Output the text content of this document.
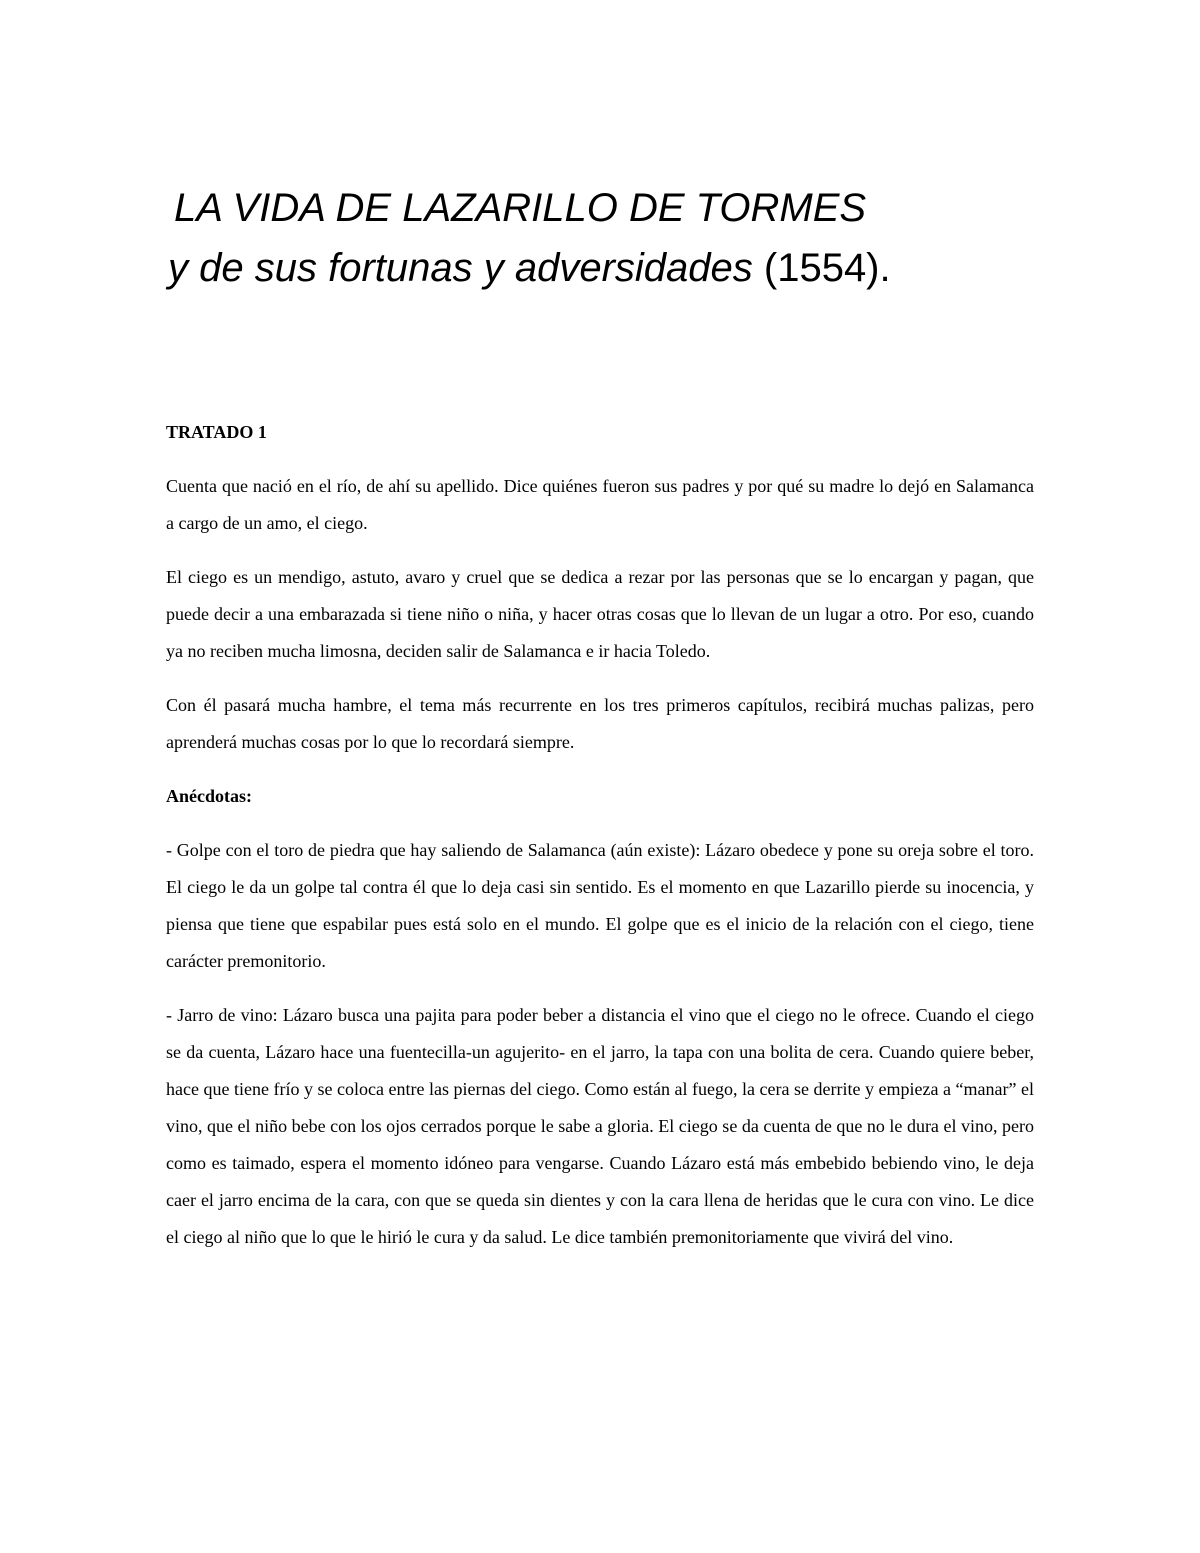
LA VIDA DE LAZARILLO DE TORMES
y de sus fortunas y adversidades (1554).
TRATADO 1

Cuenta que nació en el río, de ahí su apellido. Dice quiénes fueron sus padres y por qué su madre lo dejó en Salamanca a cargo de un amo, el ciego.

El ciego es un mendigo, astuto, avaro y cruel que se dedica a rezar por las personas que se lo encargan y pagan, que puede decir a una embarazada si tiene niño o niña, y hacer otras cosas que lo llevan de un lugar a otro. Por eso, cuando ya no reciben mucha limosna, deciden salir de Salamanca e ir hacia Toledo.

Con él pasará mucha hambre, el tema más recurrente en los tres primeros capítulos, recibirá muchas palizas, pero aprenderá muchas cosas por lo que lo recordará siempre.

Anécdotas:

- Golpe con el toro de piedra que hay saliendo de Salamanca (aún existe): Lázaro obedece y pone su oreja sobre el toro. El ciego le da un golpe tal contra él que lo deja casi sin sentido. Es el momento en que Lazarillo pierde su inocencia, y piensa que tiene que espabilar pues está solo en el mundo. El golpe que es el inicio de la relación con el ciego, tiene carácter premonitorio.

- Jarro de vino: Lázaro busca una pajita para poder beber a distancia el vino que el ciego no le ofrece. Cuando el ciego se da cuenta, Lázaro hace una fuentecilla-un agujerito- en el jarro, la tapa con una bolita de cera. Cuando quiere beber, hace que tiene frío y se coloca entre las piernas del ciego. Como están al fuego, la cera se derrite y empieza a “manar” el vino, que el niño bebe con los ojos cerrados porque le sabe a gloria. El ciego se da cuenta de que no le dura el vino, pero como es taimado, espera el momento idóneo para vengarse. Cuando Lázaro está más embebido bebiendo vino, le deja caer el jarro encima de la cara, con que se queda sin dientes y con la cara llena de heridas que le cura con vino. Le dice el ciego al niño que lo que le hirió le cura y da salud. Le dice también premonitoriamente que vivirá del vino.
